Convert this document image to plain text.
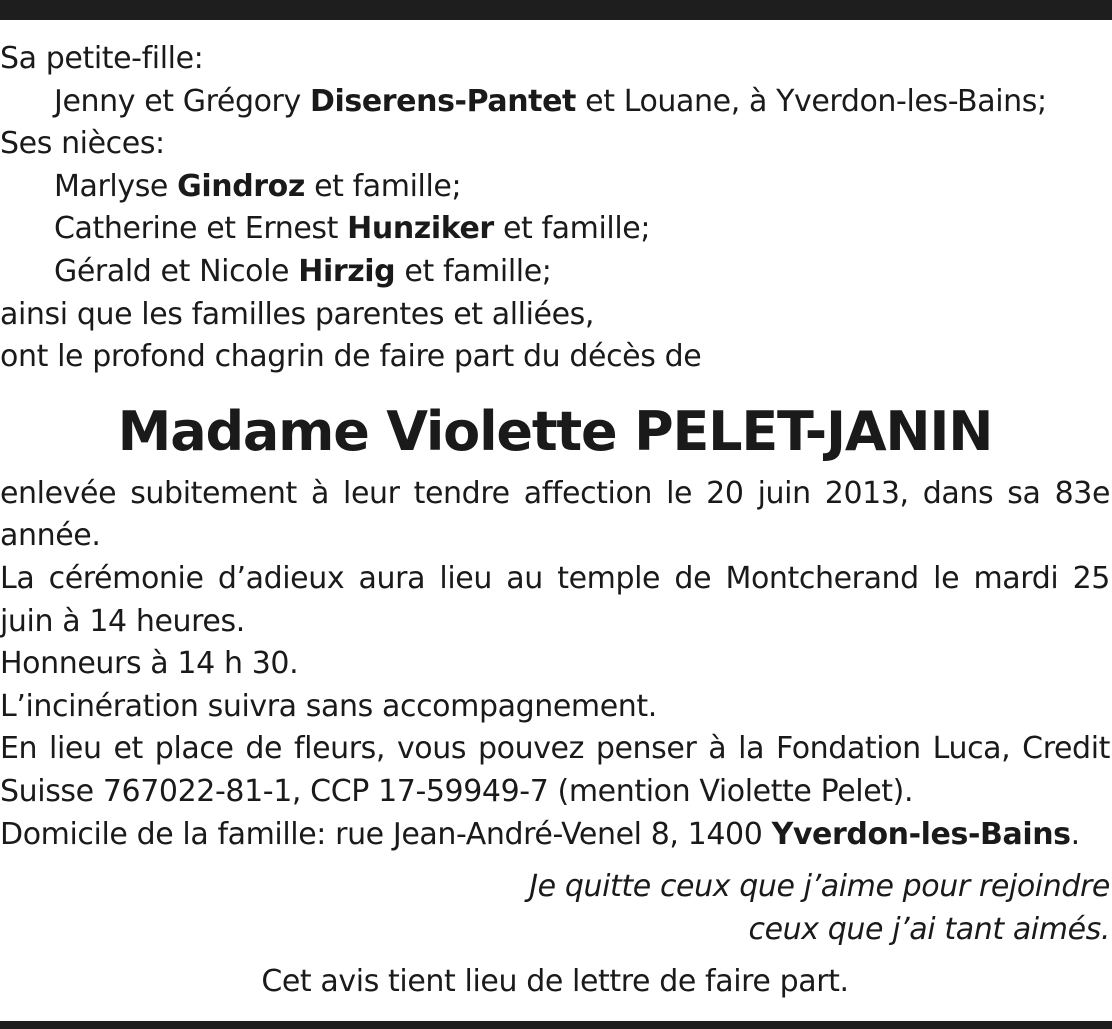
Sa petite-fille:
Jenny et Grégory Diserens-Pantet et Louane, à Yverdon-les-Bains;
Ses nièces:
Marlyse Gindroz et famille;
Catherine et Ernest Hunziker et famille;
Gérald et Nicole Hirzig et famille;
ainsi que les familles parentes et alliées,
ont le profond chagrin de faire part du décès de
Madame Violette PELET-JANIN
enlevée subitement à leur tendre affection le 20 juin 2013, dans sa 83e année.
La cérémonie d’adieux aura lieu au temple de Montcherand le mardi 25 juin à 14 heures.
Honneurs à 14 h 30.
L’incinération suivra sans accompagnement.
En lieu et place de fleurs, vous pouvez penser à la Fondation Luca, Credit Suisse 767022-81-1, CCP 17-59949-7 (mention Violette Pelet).
Domicile de la famille: rue Jean-André-Venel 8, 1400 Yverdon-les-Bains.
Je quitte ceux que j’aime pour rejoindre
ceux que j’ai tant aimés.
Cet avis tient lieu de lettre de faire part.
